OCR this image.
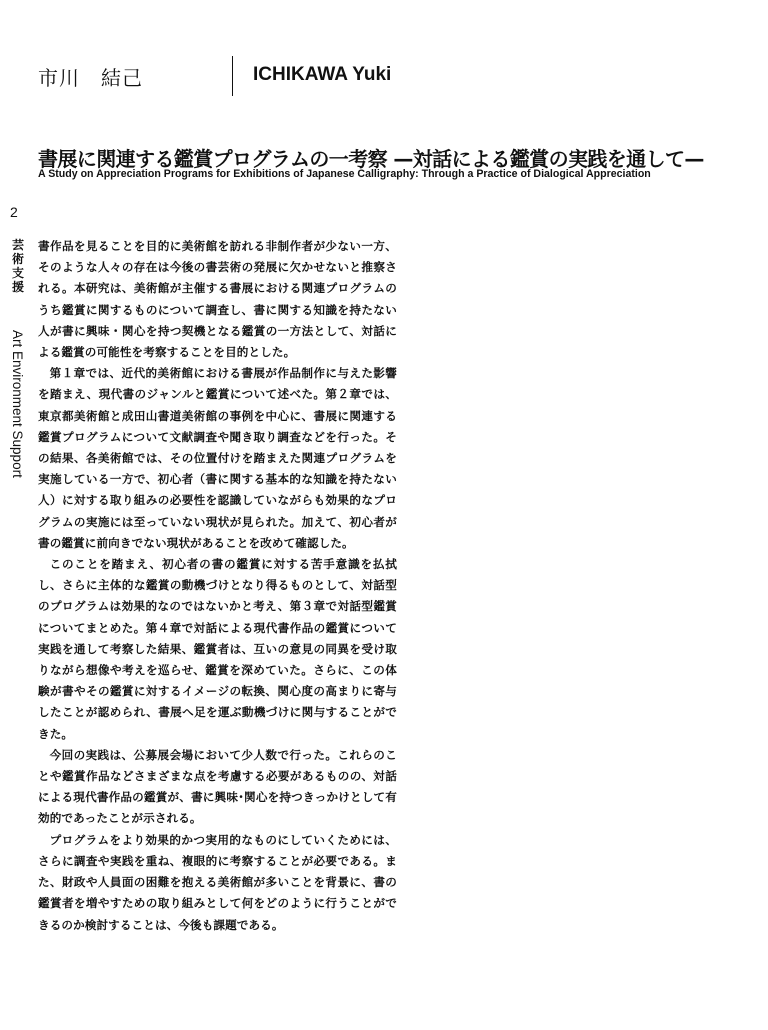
市川　結己	ICHIKAWA Yuki
書展に関連する鑑賞プログラムの一考察 —対話による鑑賞の実践を通して—
A Study on Appreciation Programs for Exhibitions of Japanese Calligraphy: Through a Practice of Dialogical Appreciation
2
芸術支援
Art Environment Support

書作品を見ることを目的に美術館を訪れる非制作者が少ない一方、そのような人々の存在は今後の書芸術の発展に欠かせないと推察される。本研究は、美術館が主催する書展における関連プログラムのうち鑑賞に関するものについて調査し、書に関する知識を持たない人が書に興味・関心を持つ契機となる鑑賞の一方法として、対話による鑑賞の可能性を考察することを目的とした。

第１章では、近代的美術館における書展が作品制作に与えた影響を踏まえ、現代書のジャンルと鑑賞について述べた。第２章では、東京都美術館と成田山書道美術館の事例を中心に、書展に関連する鑑賞プログラムについて文献調査や聞き取り調査などを行った。その結果、各美術館では、その位置付けを踏まえた関連プログラムを実施している一方で、初心者（書に関する基本的な知識を持たない人）に対する取り組みの必要性を認識していながらも効果的なプログラムの実施には至っていない現状が見られた。加えて、初心者が書の鑑賞に前向きでない現状があることを改めて確認した。

このことを踏まえ、初心者の書の鑑賞に対する苦手意識を払拭し、さらに主体的な鑑賞の動機づけとなり得るものとして、対話型のプログラムは効果的なのではないかと考え、第３章で対話型鑑賞についてまとめた。第４章で対話による現代書作品の鑑賞について実践を通して考察した結果、鑑賞者は、互いの意見の同異を受け取りながら想像や考えを巡らせ、鑑賞を深めていた。さらに、この体験が書やその鑑賞に対するイメージの転換、関心度の高まりに寄与したことが認められ、書展へ足を運ぶ動機づけに関与することができた。

今回の実践は、公募展会場において少人数で行った。これらのことや鑑賞作品などさまざまな点を考慮する必要があるものの、対話による現代書作品の鑑賞が、書に興味･関心を持つきっかけとして有効的であったことが示される。

プログラムをより効果的かつ実用的なものにしていくためには、さらに調査や実践を重ね、複眼的に考察することが必要である。また、財政や人員面の困難を抱える美術館が多いことを背景に、書の鑑賞者を増やすための取り組みとして何をどのように行うことができるのか検討することは、今後も課題である。
